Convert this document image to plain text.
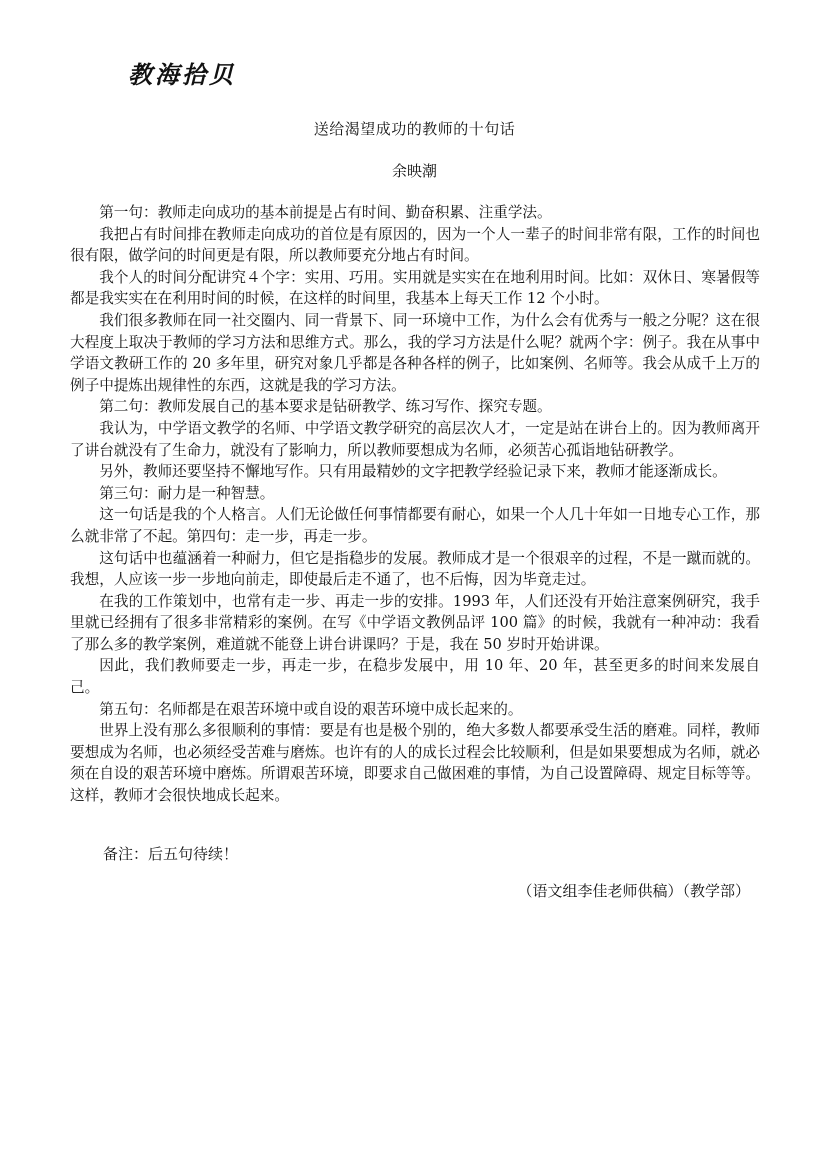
教海拾贝
送给渴望成功的教师的十句话
余映潮

第一句：教师走向成功的基本前提是占有时间、勤奋积累、注重学法。

我把占有时间排在教师走向成功的首位是有原因的，因为一个人一辈子的时间非常有限，工作的时间也很有限，做学问的时间更是有限，所以教师要充分地占有时间。

我个人的时间分配讲究４个字：实用、巧用。实用就是实实在在地利用时间。比如：双休日、寒暑假等都是我实实在在利用时间的时候，在这样的时间里，我基本上每天工作 12 个小时。

我们很多教师在同一社交圈内、同一背景下、同一环境中工作，为什么会有优秀与一般之分呢？这在很大程度上取决于教师的学习方法和思维方式。那么，我的学习方法是什么呢？就两个字：例子。我在从事中学语文教研工作的 20 多年里，研究对象几乎都是各种各样的例子，比如案例、名师等。我会从成千上万的例子中提炼出规律性的东西，这就是我的学习方法。

第二句：教师发展自己的基本要求是钻研教学、练习写作、探究专题。

我认为，中学语文教学的名师、中学语文教学研究的高层次人才，一定是站在讲台上的。因为教师离开了讲台就没有了生命力，就没有了影响力，所以教师要想成为名师，必须苦心孤诣地钻研教学。

另外，教师还要坚持不懈地写作。只有用最精妙的文字把教学经验记录下来，教师才能逐渐成长。

第三句：耐力是一种智慧。

这一句话是我的个人格言。人们无论做任何事情都要有耐心，如果一个人几十年如一日地专心工作，那么就非常了不起。第四句：走一步，再走一步。

这句话中也蕴涵着一种耐力，但它是指稳步的发展。教师成才是一个很艰辛的过程，不是一蹴而就的。我想，人应该一步一步地向前走，即使最后走不通了，也不后悔，因为毕竟走过。

在我的工作策划中，也常有走一步、再走一步的安排。1993 年，人们还没有开始注意案例研究，我手里就已经拥有了很多非常精彩的案例。在写《中学语文教例品评 100 篇》的时候，我就有一种冲动：我看了那么多的教学案例，难道就不能登上讲台讲课吗？于是，我在 50 岁时开始讲课。

因此，我们教师要走一步，再走一步，在稳步发展中，用 10 年、20 年，甚至更多的时间来发展自己。

第五句：名师都是在艰苦环境中或自设的艰苦环境中成长起来的。

世界上没有那么多很顺利的事情：要是有也是极个别的，绝大多数人都要承受生活的磨难。同样，教师要想成为名师，也必须经受苦难与磨炼。也许有的人的成长过程会比较顺利，但是如果要想成为名师，就必须在自设的艰苦环境中磨炼。所谓艰苦环境，即要求自己做困难的事情，为自己设置障碍、规定目标等等。这样，教师才会很快地成长起来。

备注：后五句待续！
（语文组李佳老师供稿）（教学部）
